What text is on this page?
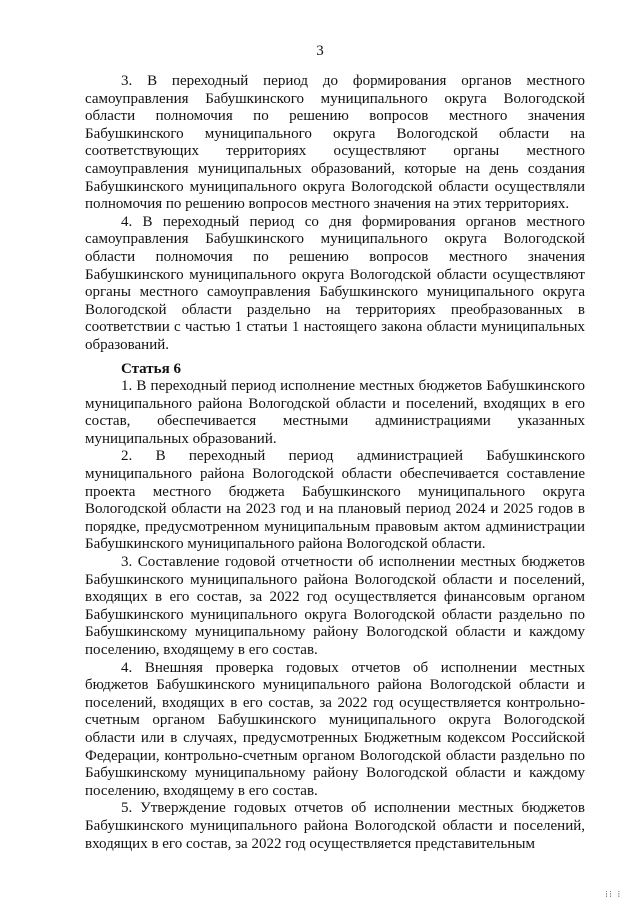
3

3. В переходный период до формирования органов местного самоуправления Бабушкинского муниципального округа Вологодской области полномочия по решению вопросов местного значения Бабушкинского муниципального округа Вологодской области на соответствующих территориях осуществляют органы местного самоуправления муниципальных образований, которые на день создания Бабушкинского муниципального округа Вологодской области осуществляли полномочия по решению вопросов местного значения на этих территориях.

4. В переходный период со дня формирования органов местного самоуправления Бабушкинского муниципального округа Вологодской области полномочия по решению вопросов местного значения Бабушкинского муниципального округа Вологодской области осуществляют органы местного самоуправления Бабушкинского муниципального округа Вологодской области раздельно на территориях преобразованных в соответствии с частью 1 статьи 1 настоящего закона области муниципальных образований.

Статья 6

1. В переходный период исполнение местных бюджетов Бабушкинского муниципального района Вологодской области и поселений, входящих в его состав, обеспечивается местными администрациями указанных муниципальных образований.

2. В переходный период администрацией Бабушкинского муниципального района Вологодской области обеспечивается составление проекта местного бюджета Бабушкинского муниципального округа Вологодской области на 2023 год и на плановый период 2024 и 2025 годов в порядке, предусмотренном муниципальным правовым актом администрации Бабушкинского муниципального района Вологодской области.

3. Составление годовой отчетности об исполнении местных бюджетов Бабушкинского муниципального района Вологодской области и поселений, входящих в его состав, за 2022 год осуществляется финансовым органом Бабушкинского муниципального округа Вологодской области раздельно по Бабушкинскому муниципальному району Вологодской области и каждому поселению, входящему в его состав.

4. Внешняя проверка годовых отчетов об исполнении местных бюджетов Бабушкинского муниципального района Вологодской области и поселений, входящих в его состав, за 2022 год осуществляется контрольно-счетным органом Бабушкинского муниципального округа Вологодской области или в случаях, предусмотренных Бюджетным кодексом Российской Федерации, контрольно-счетным органом Вологодской области раздельно по Бабушкинскому муниципальному району Вологодской области и каждому поселению, входящему в его состав.

5. Утверждение годовых отчетов об исполнении местных бюджетов Бабушкинского муниципального района Вологодской области и поселений, входящих в его состав, за 2022 год осуществляется представительным

⁞⁞ ⁞
